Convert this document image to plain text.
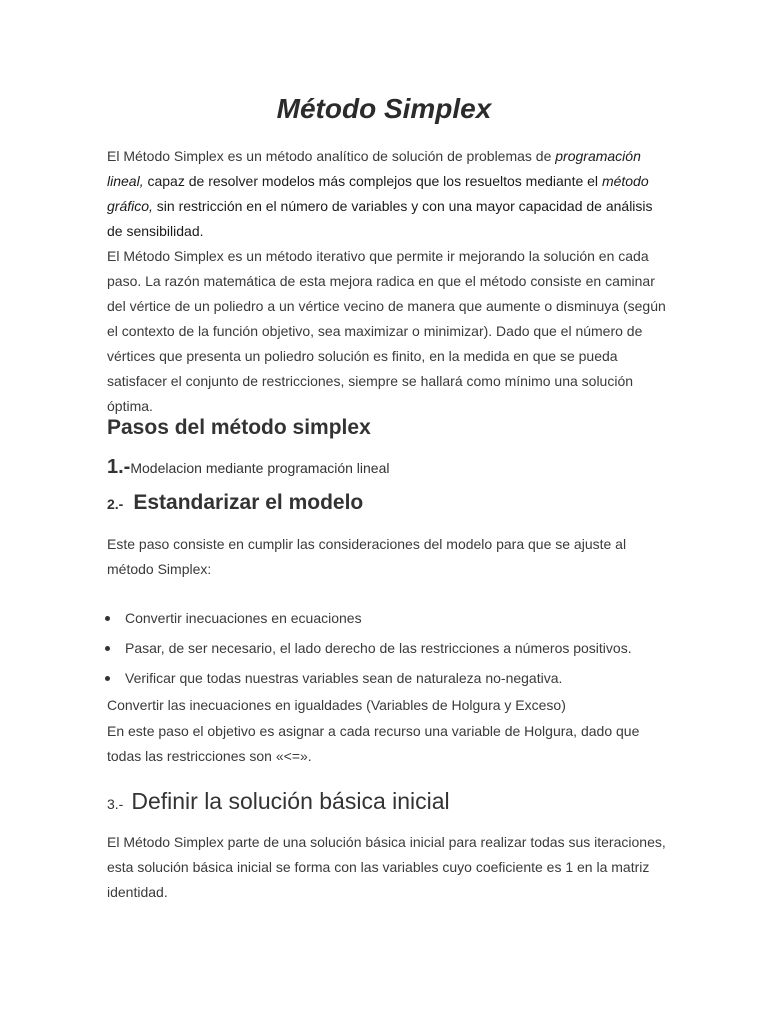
Método Simplex

El Método Simplex es un método analítico de solución de problemas de programación lineal, capaz de resolver modelos más complejos que los resueltos mediante el método gráfico, sin restricción en el número de variables y con una mayor capacidad de análisis de sensibilidad.

El Método Simplex es un método iterativo que permite ir mejorando la solución en cada paso. La razón matemática de esta mejora radica en que el método consiste en caminar del vértice de un poliedro a un vértice vecino de manera que aumente o disminuya (según el contexto de la función objetivo, sea maximizar o minimizar). Dado que el número de vértices que presenta un poliedro solución es finito, en la medida en que se pueda satisfacer el conjunto de restricciones, siempre se hallará como mínimo una solución óptima.

Pasos del método simplex

1.-Modelacion mediante programación lineal

2.- Estandarizar el modelo

Este paso consiste en cumplir las consideraciones del modelo para que se ajuste al método Simplex:

Convertir inecuaciones en ecuaciones
Pasar, de ser necesario, el lado derecho de las restricciones a números positivos.
Verificar que todas nuestras variables sean de naturaleza no-negativa.

Convertir las inecuaciones en igualdades (Variables de Holgura y Exceso)

En este paso el objetivo es asignar a cada recurso una variable de Holgura, dado que todas las restricciones son «<=».

3.- Definir la solución básica inicial

El Método Simplex parte de una solución básica inicial para realizar todas sus iteraciones, esta solución básica inicial se forma con las variables cuyo coeficiente es 1 en la matriz identidad.
